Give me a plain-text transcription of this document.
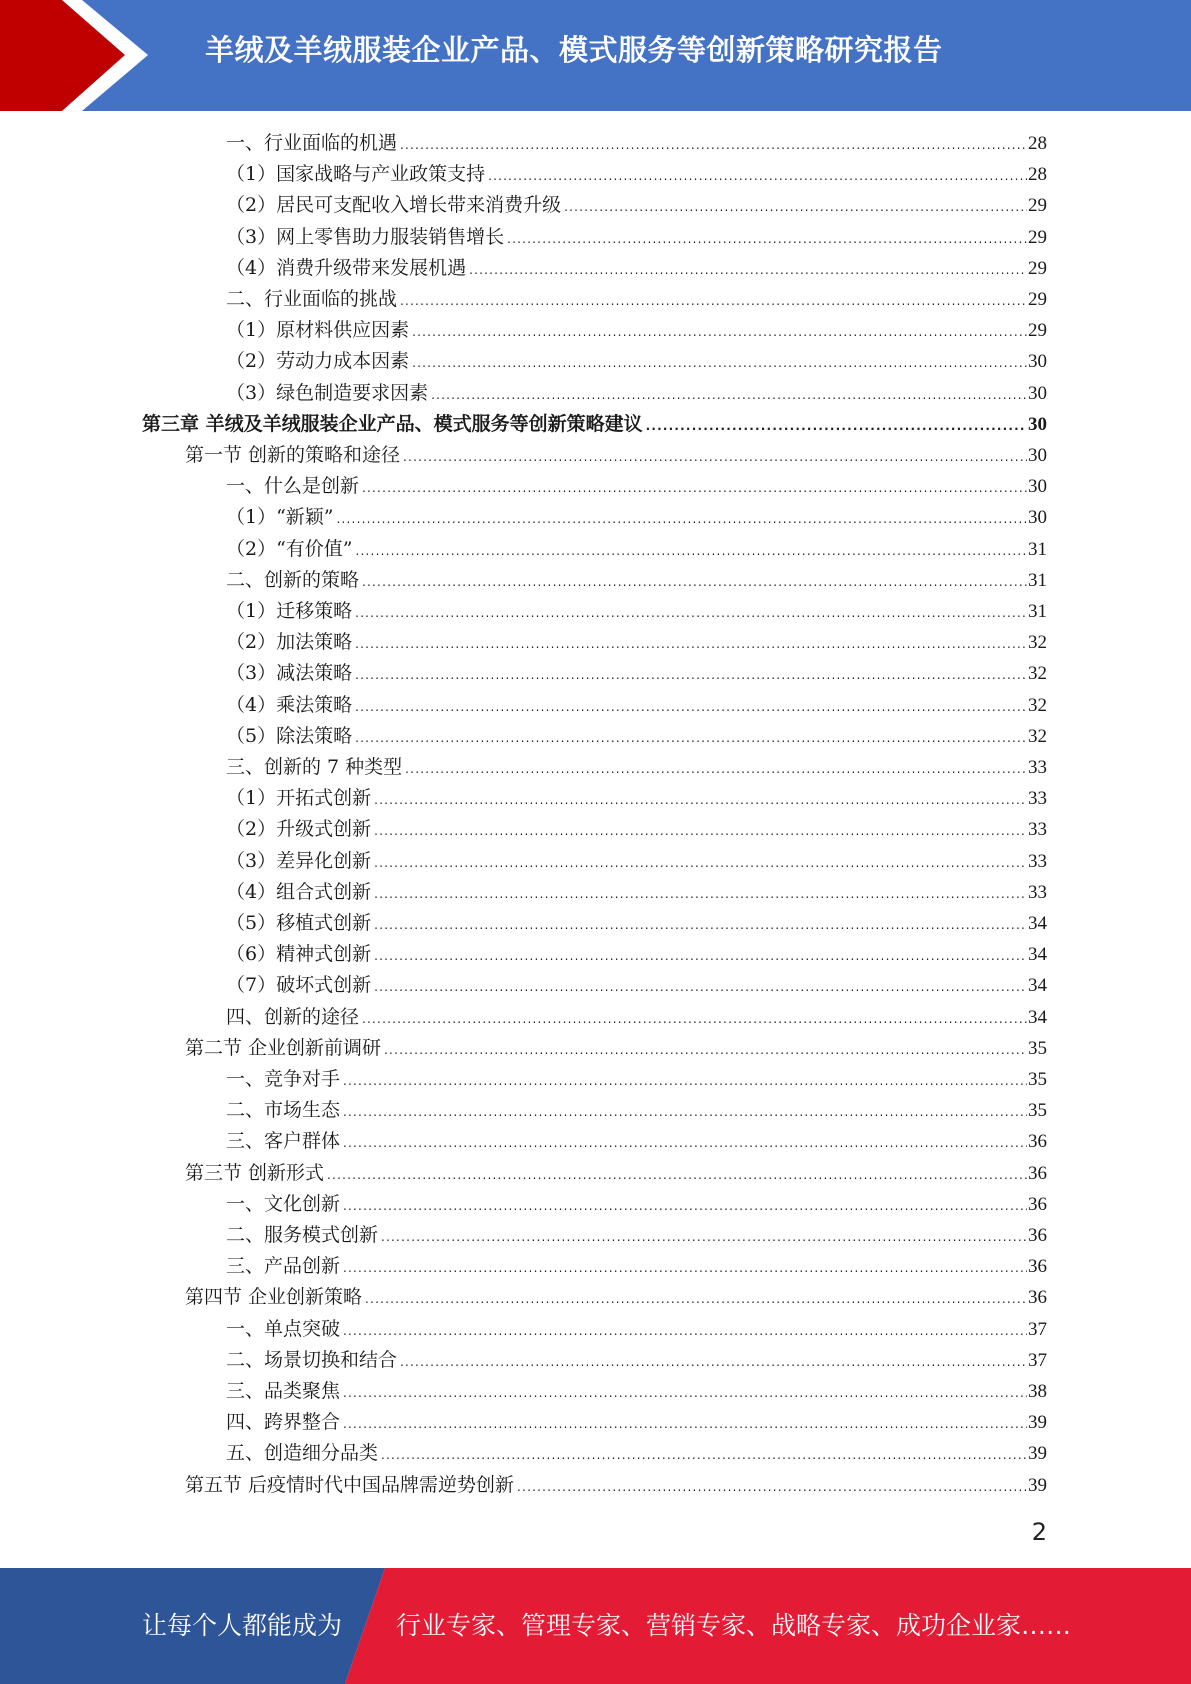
羊绒及羊绒服装企业产品、模式服务等创新策略研究报告
一、行业面临的机遇 .....	28
（1）国家战略与产业政策支持 .....	28
（2）居民可支配收入增长带来消费升级 .....	29
（3）网上零售助力服装销售增长 .....	29
（4）消费升级带来发展机遇 .....	29
二、行业面临的挑战 .....	29
（1）原材料供应因素 .....	29
（2）劳动力成本因素 .....	30
（3）绿色制造要求因素 .....	30
第三章 羊绒及羊绒服装企业产品、模式服务等创新策略建议 .....	30
第一节 创新的策略和途径 .....	30
一、什么是创新 .....	30
（1）“新颖” .....	30
（2）“有价值” .....	31
二、创新的策略 .....	31
（1）迁移策略 .....	31
（2）加法策略 .....	32
（3）减法策略 .....	32
（4）乘法策略 .....	32
（5）除法策略 .....	32
三、创新的 7 种类型 .....	33
（1）开拓式创新 .....	33
（2）升级式创新 .....	33
（3）差异化创新 .....	33
（4）组合式创新 .....	33
（5）移植式创新 .....	34
（6）精神式创新 .....	34
（7）破坏式创新 .....	34
四、创新的途径 .....	34
第二节 企业创新前调研 .....	35
一、竞争对手 .....	35
二、市场生态 .....	35
三、客户群体 .....	36
第三节 创新形式 .....	36
一、文化创新 .....	36
二、服务模式创新 .....	36
三、产品创新 .....	36
第四节 企业创新策略 .....	36
一、单点突破 .....	37
二、场景切换和结合 .....	37
三、品类聚焦 .....	38
四、跨界整合 .....	39
五、创造细分品类 .....	39
第五节 后疫情时代中国品牌需逆势创新 .....	39
2
让每个人都能成为 行业专家、管理专家、营销专家、战略专家、成功企业家……
